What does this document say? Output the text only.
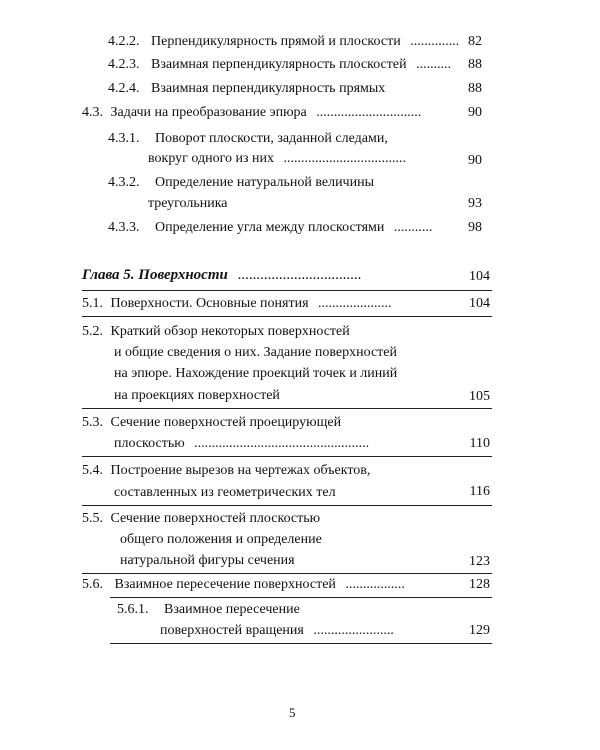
4.2.2. Перпендикулярность прямой и плоскости .............. 82
4.2.3. Взаимная перпендикулярность плоскостей ..........	88
4.2.4. Взаимная перпендикулярность прямых	88
4.3. Задачи на преобразование эпюра ..............................	90
4.3.1. Поворот плоскости, заданной следами,
вокруг одного из них ...................................	90
4.3.2. Определение натуральной величины
треугольника	93
4.3.3. Определение угла между плоскостями ...........	98
Глава 5. Поверхности .................................	104
5.1. Поверхности. Основные понятия .....................	104
5.2. Краткий обзор некоторых поверхностей
и общие сведения о них. Задание поверхностей
на эпюре. Нахождение проекций точек и линий
на проекциях поверхностей	105
5.3. Сечение поверхностей проецирующей
плоскостью ..................................................	110
5.4. Построение вырезов на чертежах объектов,
составленных из геометрических тел	116
5.5. Сечение поверхностей плоскостью
общего положения и определение
натуральной фигуры сечения	123
5.6. Взаимное пересечение поверхностей .................	128
5.6.1. Взаимное пересечение
поверхностей вращения .......................	129
5
